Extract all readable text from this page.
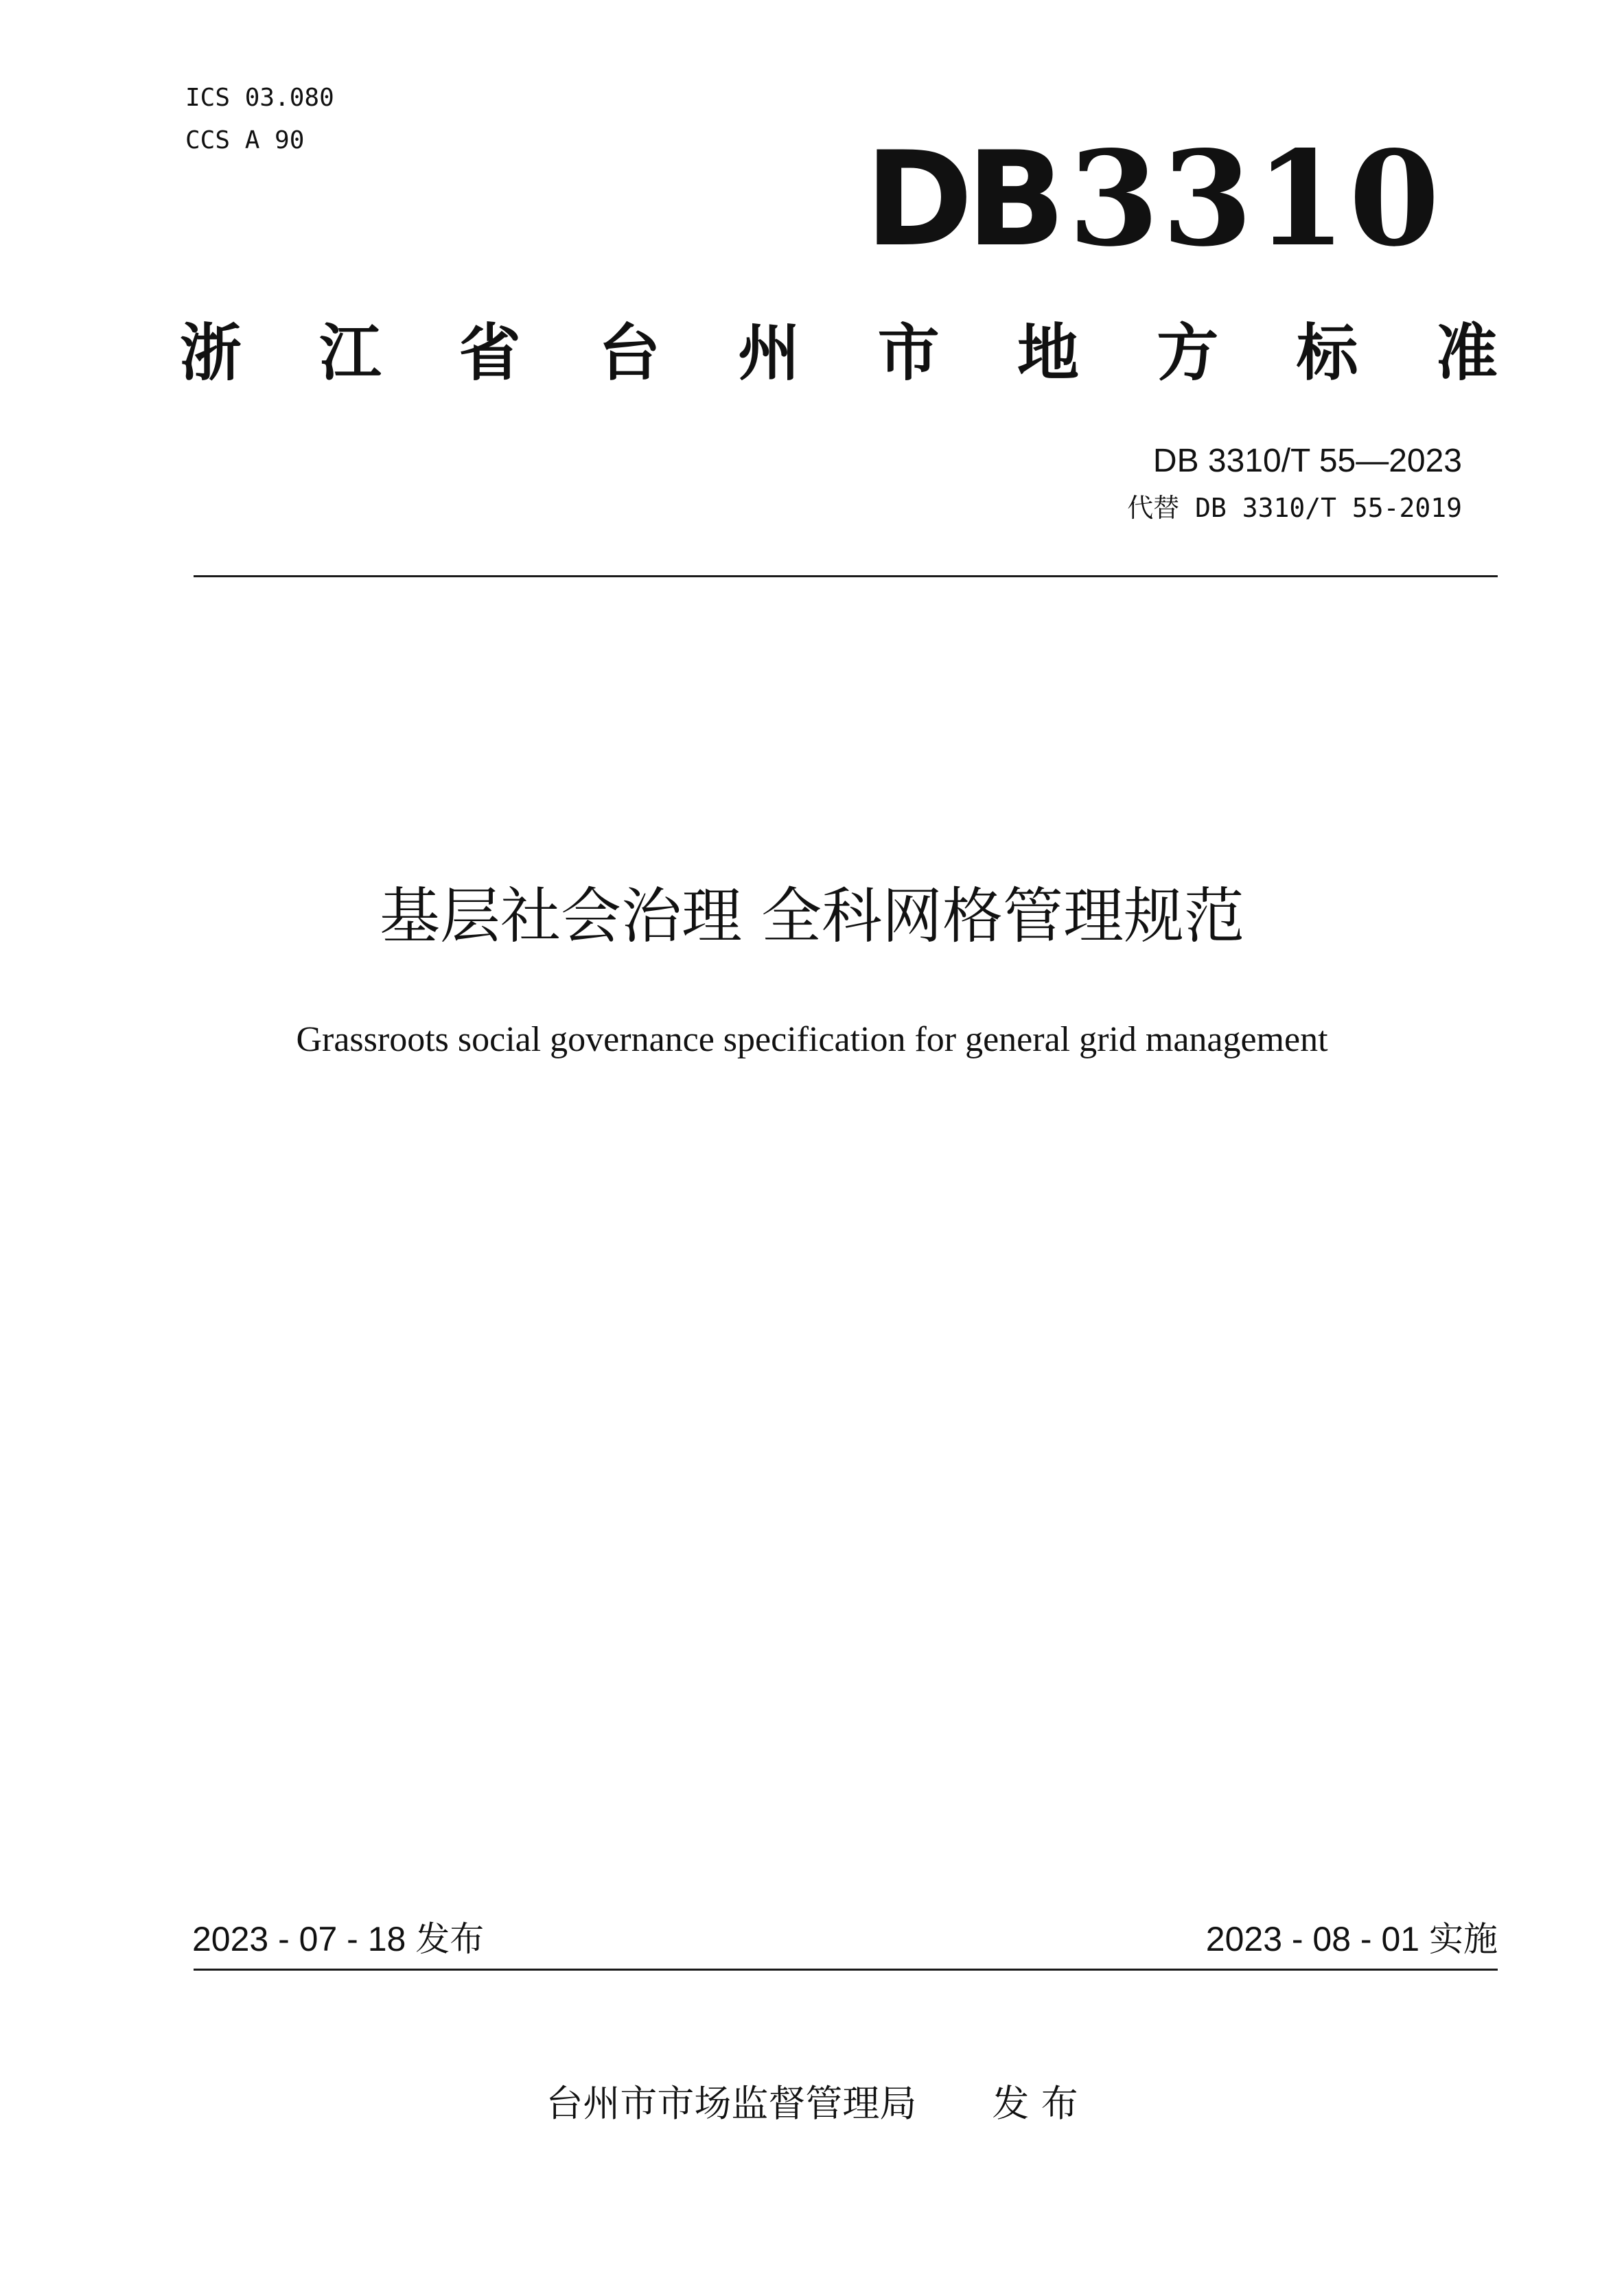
ICS 03.080
CCS A 90	DB3310
浙 江 省 台 州 市 地 方 标 准
DB 3310/T 55—2023
代替 DB 3310/T 55-2019
基层社会治理 全科网格管理规范
Grassroots social governance specification for general grid management
2023 - 07 - 18 发布	2023 - 08 - 01 实施
台州市市场监督管理局 发 布
